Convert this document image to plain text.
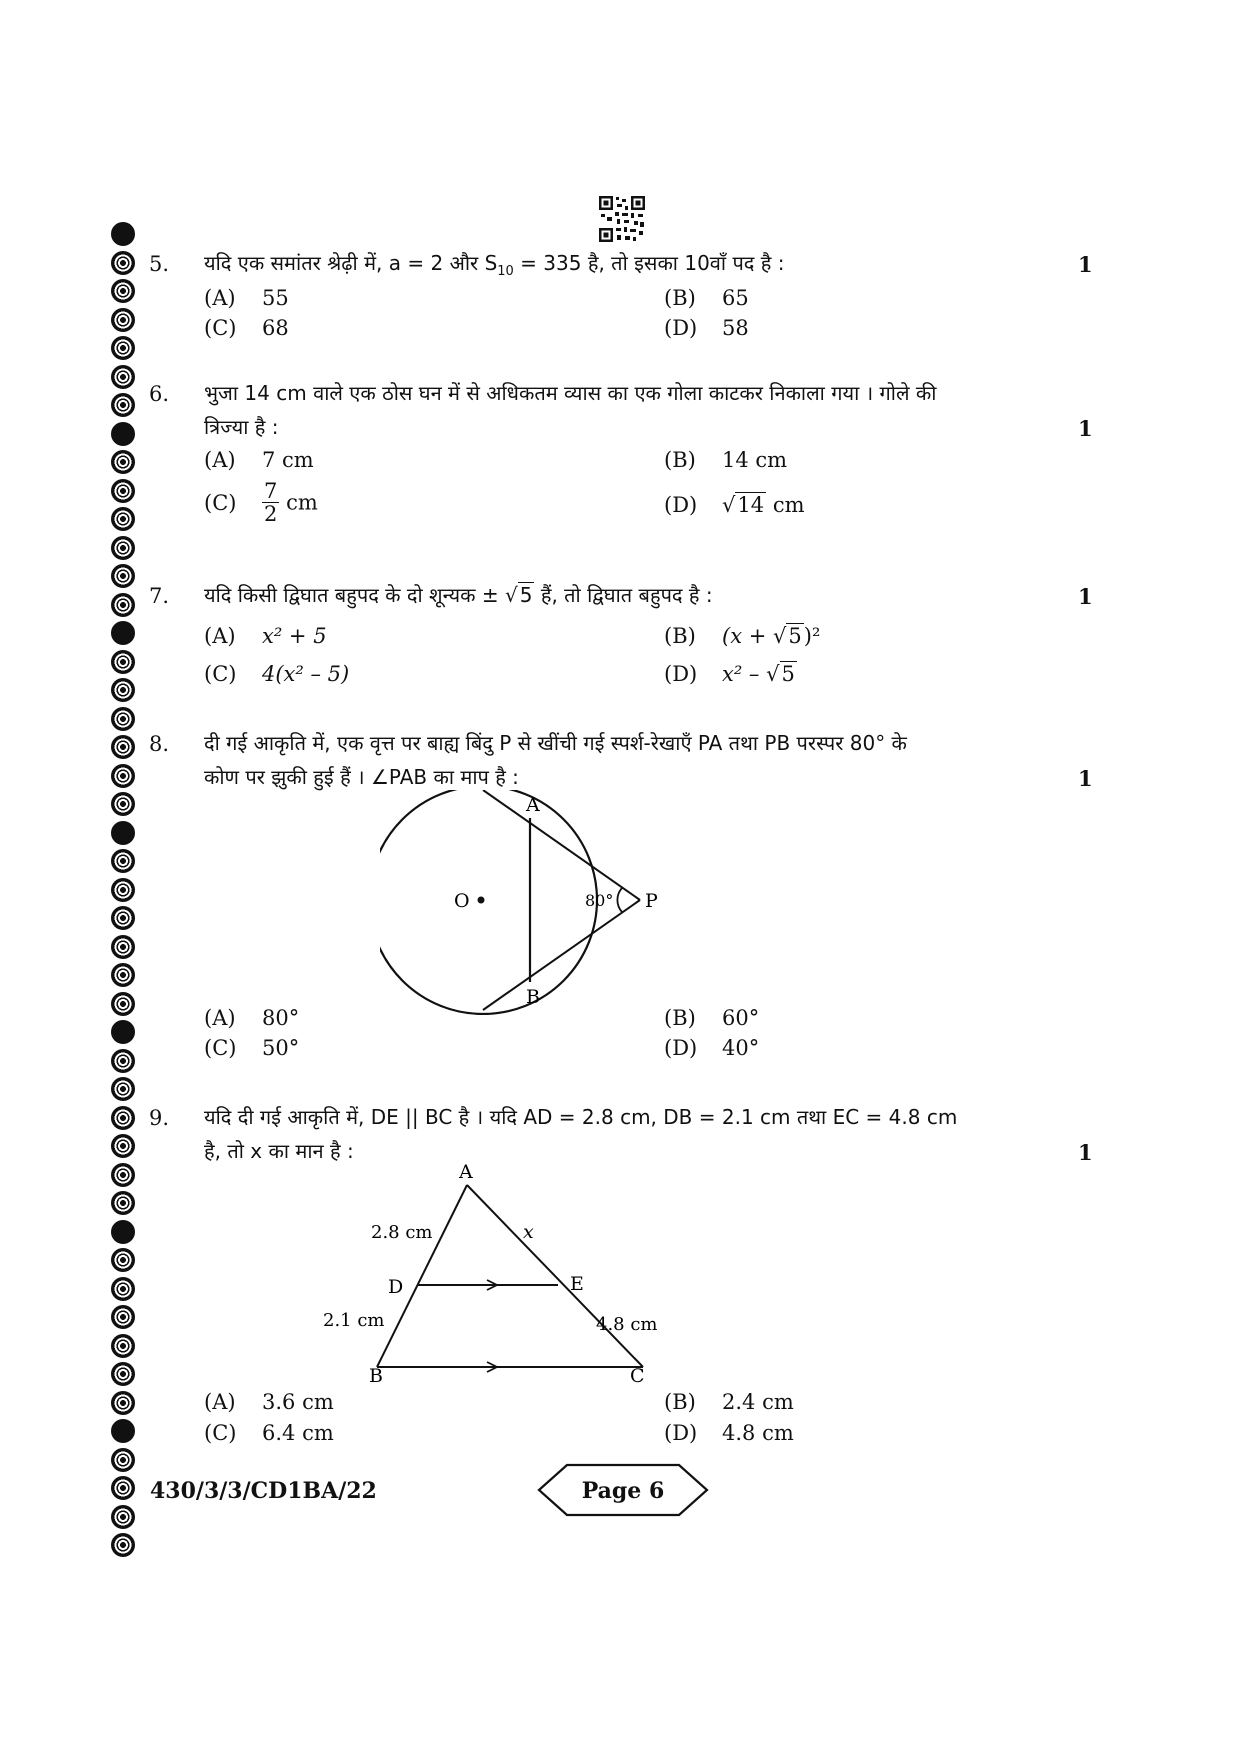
5. यदि एक समांतर श्रेढ़ी में, a = 2 और $S_{10} = 335$ है, तो इसका 10वाँ पद है :	1
(A) 55	(B) 65
(C) 68	(D) 58
6. भुजा 14 cm वाले एक ठोस घन में से अधिकतम व्यास का एक गोला काटकर निकाला गया । गोले की
त्रिज्या है :	1
(A) 7 cm	(B) 14 cm
$(C) \frac{7}{2}$ cm	(D) √14 cm
7. यदि किसी द्विघात बहुपद के दो शून्यक ± √ 5 हैं, तो द्विघात बहुपद है :	1
(A) x² + 5	(B) (x + √5)²
(C) 4(x² – 5)	(D) x² – √5
8. दी गई आकृति में, एक वृत्त पर बाह्य बिंदु P से खींची गई स्पर्श-रेखाएँ PA तथा PB परस्पर 80° के
कोण पर झुकी हुई हैं । ∠PAB का माप है :	1
A
B
O	P
80°
(A) 80°	(B) 60°
(C) 50°	(D) 40°
9. यदि दी गई आकृति में, DE || BC है । यदि AD = 2.8 cm, DB = 2.1 cm तथा EC = 4.8 cm
है, तो x का मान है :	1
A
B	C
D	E
2.8 cm
2.1 cm	4.8 cm
x
(A) 3.6 cm	(B) 2.4 cm
(C) 6.4 cm	(D) 4.8 cm
430/3/3/CD1BA/22	Page 6
